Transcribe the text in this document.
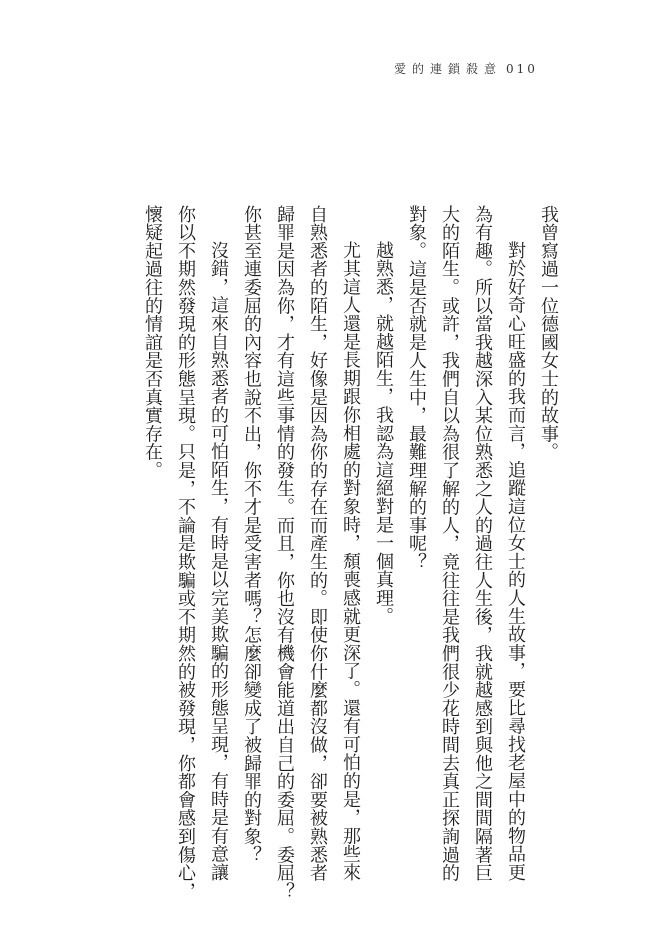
愛的連鎖殺意 010
我曾寫過一位德國女士的故事。
對於好奇心旺盛的我而言，追蹤這位女士的人生故事，要比尋找老屋中的物品更
為有趣。所以當我越深入某位熟悉之人的過往人生後，我就越感到與他之間間隔著巨
大的陌生。或許，我們自以為很了解的人，竟往往是我們很少花時間去真正探詢過的
對象。這是否就是人生中，最難理解的事呢？
越熟悉，就越陌生，我認為這絕對是一個真理。
尤其這人還是長期跟你相處的對象時，頹喪感就更深了。還有可怕的是，那些來
自熟悉者的陌生，好像是因為你的存在而產生的。即使你什麼都沒做，卻要被熟悉者
歸罪是因為你，才有這些事情的發生。而且，你也沒有機會能道出自己的委屈。委屈？
你甚至連委屈的內容也說不出，你不才是受害者嗎？怎麼卻變成了被歸罪的對象？
沒錯，這來自熟悉者的可怕陌生，有時是以完美欺騙的形態呈現，有時是有意讓
你以不期然發現的形態呈現。只是，不論是欺騙或不期然的被發現，你都會感到傷心，
懷疑起過往的情誼是否真實存在。
